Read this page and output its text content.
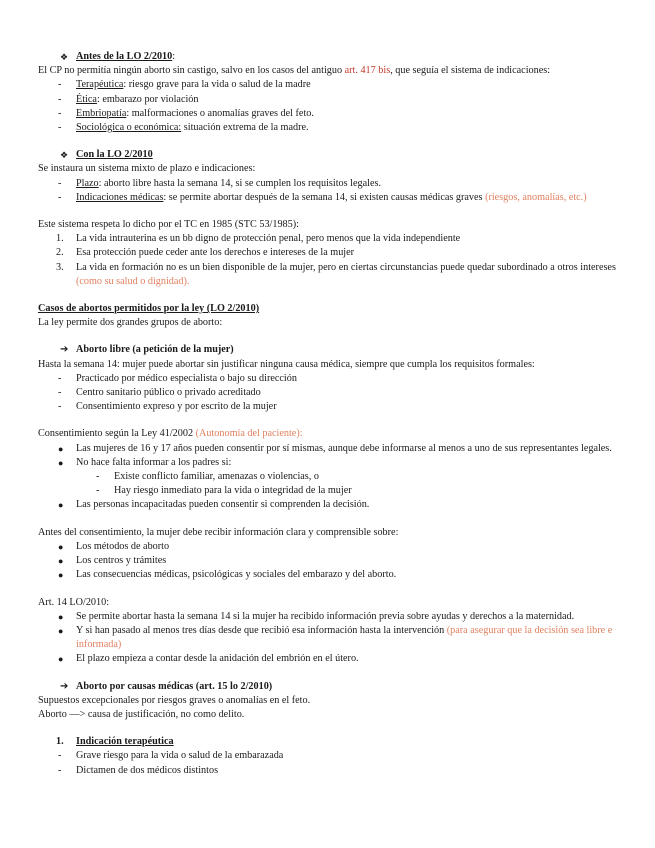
❖ Antes de la LO 2/2010:
El CP no permitía ningún aborto sin castigo, salvo en los casos del antiguo art. 417 bis, que seguía el sistema de indicaciones:
- Terapéutica: riesgo grave para la vida o salud de la madre
- Ética: embarazo por violación
- Embriopatía: malformaciones o anomalías graves del feto.
- Sociológica o económica: situación extrema de la madre.
❖ Con la LO 2/2010
Se instaura un sistema mixto de plazo e indicaciones:
- Plazo: aborto libre hasta la semana 14, si se cumplen los requisitos legales.
- Indicaciones médicas: se permite abortar después de la semana 14, si existen causas médicas graves (riesgos, anomalías, etc.)
Este sistema respeta lo dicho por el TC en 1985 (STC 53/1985):
1. La vida intrauterina es un bb digno de protección penal, pero menos que la vida independiente
2. Esa protección puede ceder ante los derechos e intereses de la mujer
3. La vida en formación no es un bien disponible de la mujer, pero en ciertas circunstancias puede quedar subordinado a otros intereses (como su salud o dignidad).
Casos de abortos permitidos por la ley (LO 2/2010)
La ley permite dos grandes grupos de aborto:
➔ Aborto libre (a petición de la mujer)
Hasta la semana 14: mujer puede abortar sin justificar ninguna causa médica, siempre que cumpla los requisitos formales:
- Practicado por médico especialista o bajo su dirección
- Centro sanitario público o privado acreditado
- Consentimiento expreso y por escrito de la mujer
Consentimiento según la Ley 41/2002 (Autonomía del paciente):
● Las mujeres de 16 y 17 años pueden consentir por sí mismas, aunque debe informarse al menos a uno de sus representantes legales.
● No hace falta informar a los padres si:
- Existe conflicto familiar, amenazas o violencias, o
- Hay riesgo inmediato para la vida o integridad de la mujer
● Las personas incapacitadas pueden consentir si comprenden la decisión.
Antes del consentimiento, la mujer debe recibir información clara y comprensible sobre:
● Los métodos de aborto
● Los centros y trámites
● Las consecuencias médicas, psicológicas y sociales del embarazo y del aborto.
Art. 14 LO/2010:
● Se permite abortar hasta la semana 14 si la mujer ha recibido información previa sobre ayudas y derechos a la maternidad.
● Y si han pasado al menos tres días desde que recibió esa información hasta la intervención (para asegurar que la decisión sea libre e informada)
● El plazo empieza a contar desde la anidación del embrión en el útero.
➔ Aborto por causas médicas (art. 15 lo 2/2010)
Supuestos excepcionales por riesgos graves o anomalías en el feto.
Aborto —> causa de justificación, no como delito.
1. Indicación terapéutica
- Grave riesgo para la vida o salud de la embarazada
- Dictamen de dos médicos distintos
